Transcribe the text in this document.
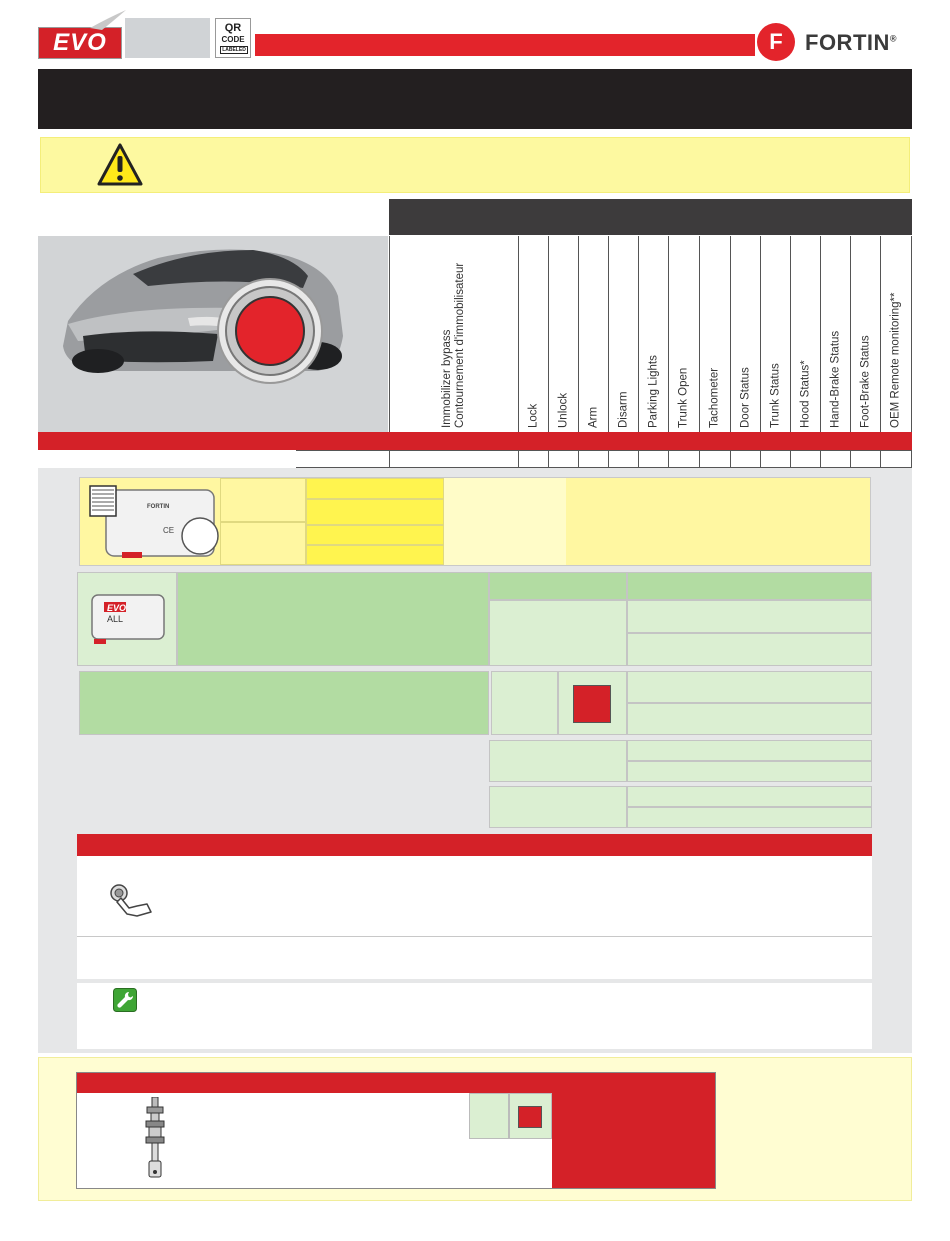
EVO
QR
CODE
LABELED	F	FORTIN®
Immobilizer bypass
Contournement d'immobilisateur
Lock Unlock Arm Disarm Parking Lights Trunk Open Tachometer Door Status Trunk Status Hood Status* Hand-Brake Status Foot-Brake Status OEM Remote monitoring**
FORTIN
CE
EVO
ALL
